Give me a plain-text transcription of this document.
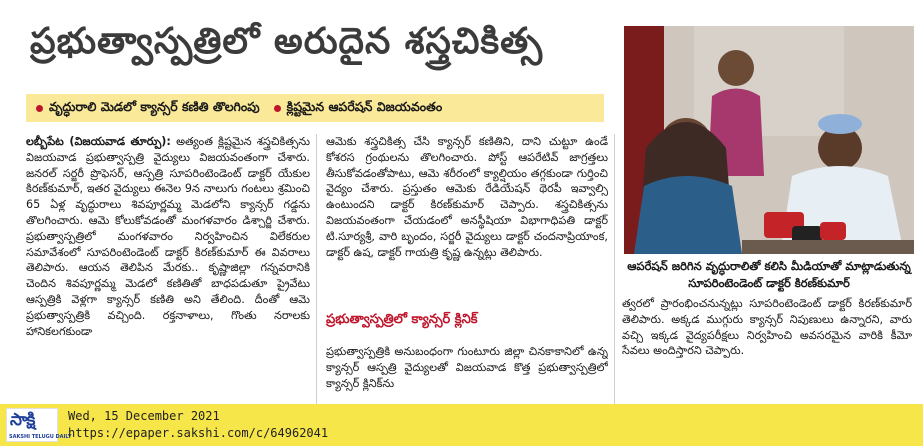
ప్రభుత్వాస్పత్రిలో అరుదైన శస్త్రచికిత్స
వృద్ధురాలి మెడలో క్యాన్సర్ కణితి తొలగింపు క్లిష్టమైన ఆపరేషన్ విజయవంతం

లబ్బీపేట (విజయవాడ తూర్పు): అత్యంత క్లిష్టమైన శస్త్రచికిత్సను విజయవాడ ప్రభుత్వాస్పత్రి వైద్యులు విజయవంతంగా చేశారు. జనరల్ సర్జరీ ప్రొఫెసర్, ఆస్పత్రి సూపరింటెండెంట్ డాక్టర్ యేకుల కిరణ్‌కుమార్, ఇతర వైద్యులు ఈనెల 9న నాలుగు గంటలు శ్రమించి 65 ఏళ్ల వృద్ధురాలు శివపూర్ణమ్మ మెడలోని క్యాన్సర్ గడ్డను తొలగించారు. ఆమె కోలుకోవడంతో మంగళవారం డిశ్చార్జి చేశారు. ప్రభుత్వాస్పత్రిలో మంగళవారం నిర్వహించిన విలేకరుల సమావేశంలో సూపరింటెండెంట్ డాక్టర్ కిరణ్‌కుమార్ ఈ వివరాలు తెలిపారు. ఆయన తెలిపిన మేరకు.. కృష్ణాజిల్లా గన్నవరానికి చెందిన శివపూర్ణమ్మ మెడలో కణితితో బాధపడుతూ ప్రైవేటు ఆస్పత్రికి వెళ్లగా క్యాన్సర్ కణితి అని తేలింది. దీంతో ఆమె ప్రభుత్వాస్పత్రికి వచ్చింది. రక్తనాళాలు, గొంతు నరాలకు హానికలగకుండా

ఆమెకు శస్త్రచికిత్స చేసి క్యాన్సర్ కణితిని, దాని చుట్టూ ఉండే కోశరస గ్రంథులను తొలగించారు. పోస్ట్ ఆపరేటివ్ జాగ్రత్తలు తీసుకోవడంతోపాటు, ఆమె శరీరంలో క్యాల్షియం తగ్గకుండా గుర్తించి వైద్యం చేశారు. ప్రస్తుతం ఆమెకు రేడియేషన్ థెరపీ ఇవ్వాల్సి ఉంటుందని డాక్టర్ కిరణ్‌కుమార్ చెప్పారు. శస్త్రచికిత్సను విజయవంతంగా చేయడంలో అనస్థీషియా విభాగాధిపతి డాక్టర్ టి.సూర్యశ్రీ, వారి బృందం, సర్జరీ వైద్యులు డాక్టర్ చందనాప్రియాంక, డాక్టర్ ఉష, డాక్టర్ గాయత్రి కృష్ణ ఉన్నట్లు తెలిపారు.

ప్రభుత్వాస్పత్రిలో క్యాన్సర్ క్లినిక్

ప్రభుత్వాస్పత్రికి అనుబంధంగా గుంటూరు జిల్లా చినకాకానిలో ఉన్న క్యాన్సర్ ఆస్పత్రి వైద్యులతో విజయవాడ కొత్త ప్రభుత్వాస్పత్రిలో క్యాన్సర్ క్లినిక్‌ను

ఆపరేషన్ జరిగిన వృద్ధురాలితో కలిసి మీడియాతో మాట్లాడుతున్న సూపరింటెండెంట్ డాక్టర్ కిరణ్‌కుమార్

త్వరలో ప్రారంభించనున్నట్లు సూపరింటెండెంట్ డాక్టర్ కిరణ్‌కుమార్ తెలిపారు. అక్కడ ముగ్గురు క్యాన్సర్ నిపుణులు ఉన్నారని, వారు వచ్చి ఇక్కడ వైద్యపరీక్షలు నిర్వహించి అవసరమైన వారికి కీమో సేవలు అందిస్తారని చెప్పారు.

సాక్షి
SAKSHI TELUGU DAILY
Wed, 15 December 2021
https://epaper.sakshi.com/c/64962041
